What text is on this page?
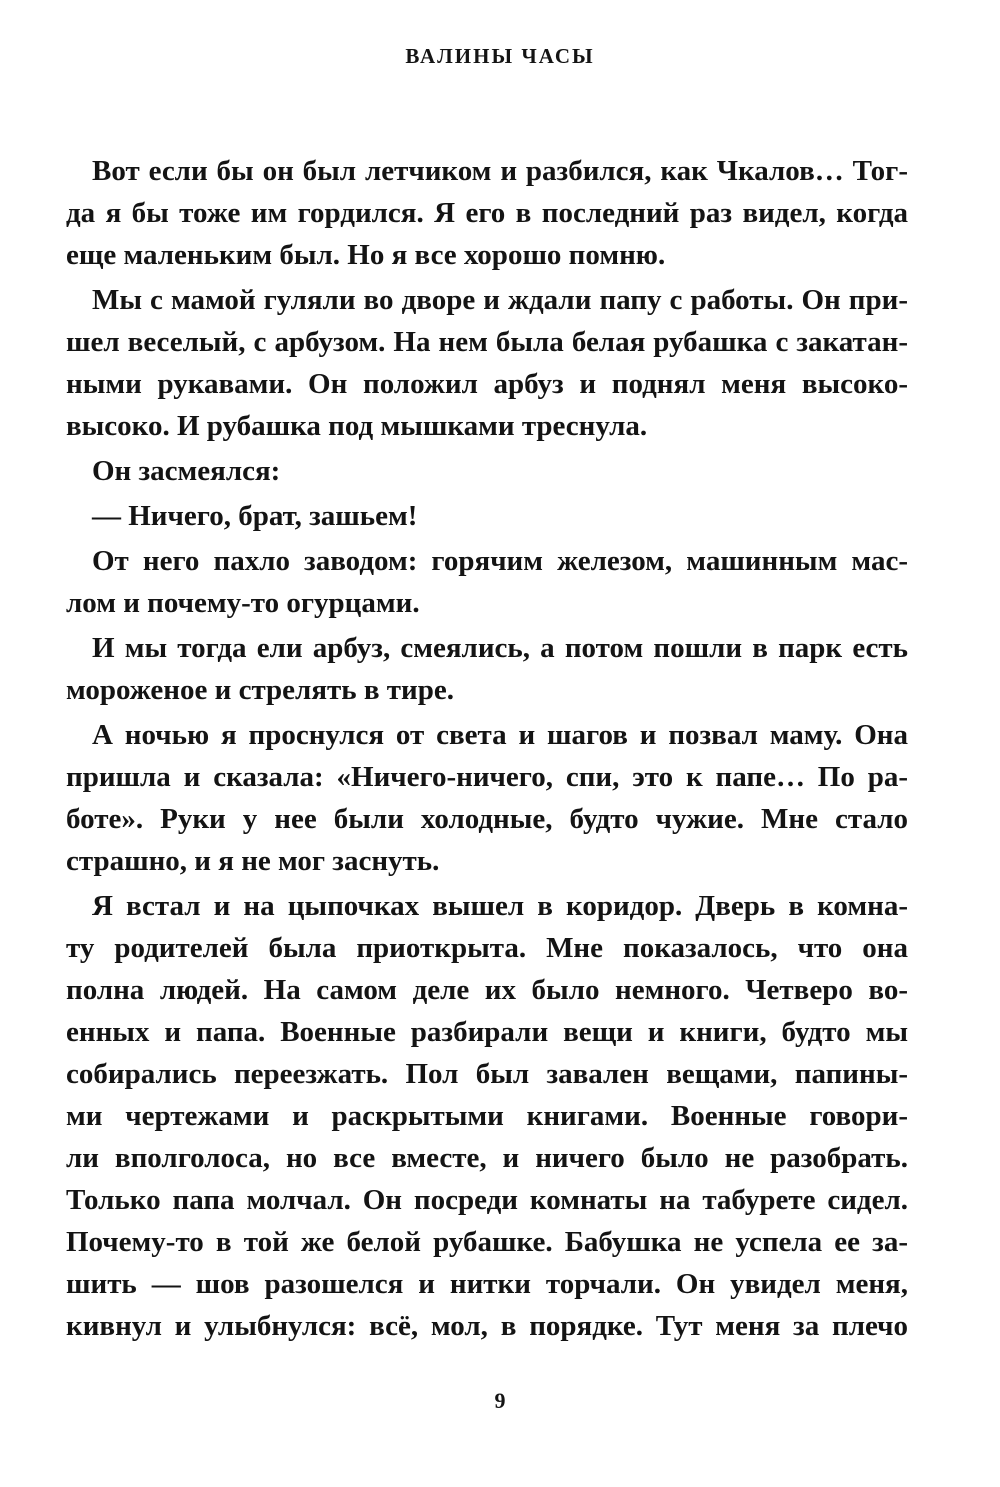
ВАЛИНЫ ЧАСЫ
Вот если бы он был летчиком и разбился, как Чкалов… Тог-
да я бы тоже им гордился. Я его в последний раз видел, когда
еще маленьким был. Но я все хорошо помню.
Мы с мамой гуляли во дворе и ждали папу с работы. Он при-
шел веселый, с арбузом. На нем была белая рубашка с закатан-
ными рукавами. Он положил арбуз и поднял меня высоко-
высоко. И рубашка под мышками треснула.
Он засмеялся:
— Ничего, брат, зашьем!
От него пахло заводом: горячим железом, машинным мас-
лом и почему-то огурцами.
И мы тогда ели арбуз, смеялись, а потом пошли в парк есть
мороженое и стрелять в тире.
А ночью я проснулся от света и шагов и позвал маму. Она
пришла и сказала: «Ничего-ничего, спи, это к папе… По ра-
боте». Руки у нее были холодные, будто чужие. Мне стало
страшно, и я не мог заснуть.
Я встал и на цыпочках вышел в коридор. Дверь в комна-
ту родителей была приоткрыта. Мне показалось, что она
полна людей. На самом деле их было немного. Четверо во-
енных и папа. Военные разбирали вещи и книги, будто мы
собирались переезжать. Пол был завален вещами, папины-
ми чертежами и раскрытыми книгами. Военные говори-
ли вполголоса, но все вместе, и ничего было не разобрать.
Только папа молчал. Он посреди комнаты на табурете сидел.
Почему-то в той же белой рубашке. Бабушка не успела ее за-
шить — шов разошелся и нитки торчали. Он увидел меня,
кивнул и улыбнулся: всё, мол, в порядке. Тут меня за плечо
9
